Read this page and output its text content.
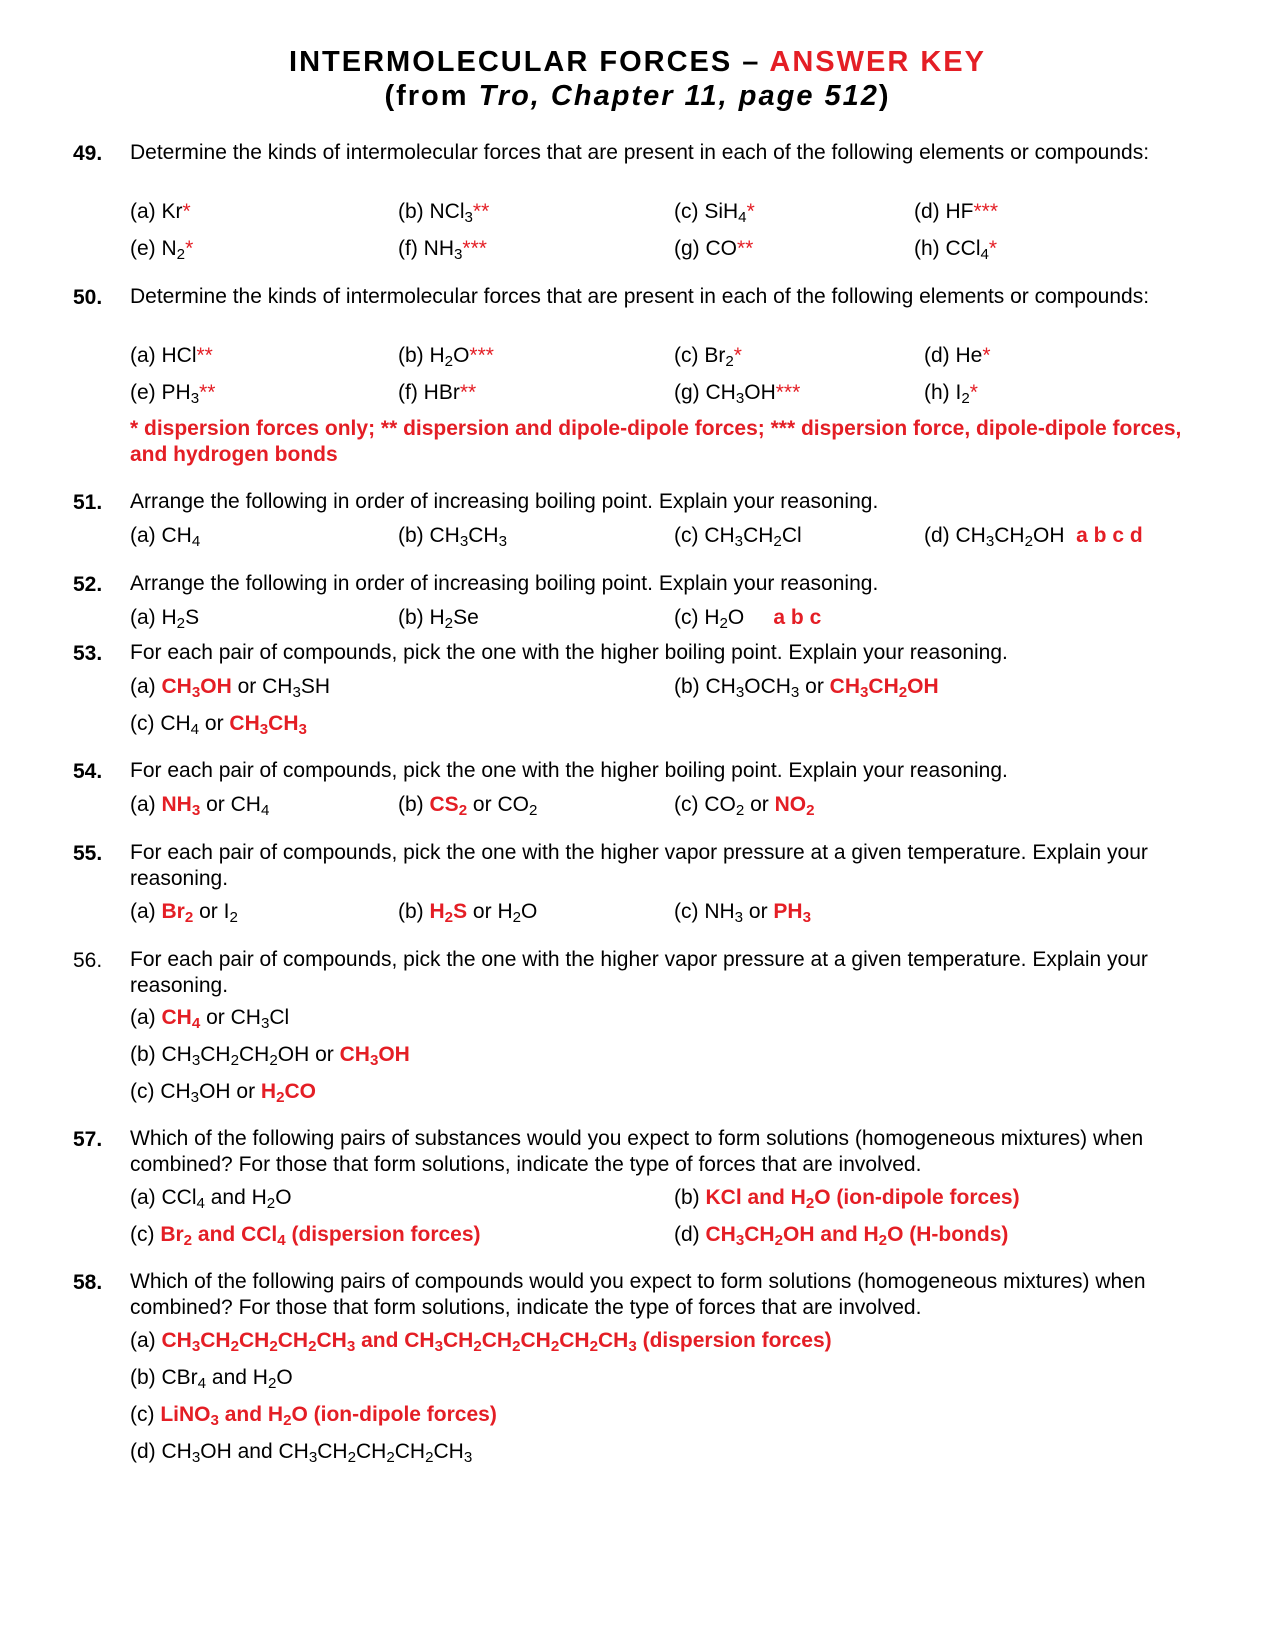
INTERMOLECULAR FORCES – ANSWER KEY
(from Tro, Chapter 11, page 512)
49. Determine the kinds of intermolecular forces that are present in each of the following elements or compounds:
(a) Kr*	(b) NCl$_3$**	(c) SiH$_4$*	(d) HF***
(e) $N_2*$	(f) $NH_3***$	(g) CO**	(h) CCl$_4$*
50. Determine the kinds of intermolecular forces that are present in each of the following elements or compounds:
(a) HCl**	(b) $H_2O***$	(c) $Br_2*$	(d) He*
(e) $PH_3**$	(f) HBr**	(g) $CH_3OH***$	(h) $I_2*$
* dispersion forces only; ** dispersion and dipole-dipole forces; *** dispersion force, dipole-dipole forces, and hydrogen bonds
51. Arrange the following in order of increasing boiling point. Explain your reasoning.
(a) $CH_4$	(b) $CH_3CH_3$	(c) $CH_3CH_2Cl$	(d) $CH_3CH_2OH$  a b c d
52. Arrange the following in order of increasing boiling point. Explain your reasoning.
(a) $H_2S$	(b) $H_2Se$	(c) $H_2O$     a b c
53. For each pair of compounds, pick the one with the higher boiling point. Explain your reasoning.
(a) $CH_3OH$ or $CH_3SH$	(b) $CH_3OCH_3$ or $CH_3CH_2OH$
(c) $CH_4$ or $CH_3CH_3$
54. For each pair of compounds, pick the one with the higher boiling point. Explain your reasoning.
(a) $NH_3$ or $CH_4$	(b) $CS_2$ or $CO_2$	(c) $CO_2$ or $NO_2$
55. For each pair of compounds, pick the one with the higher vapor pressure at a given temperature. Explain your reasoning.
(a) $Br_2$ or $I_2$	(b) $H_2S$ or $H_2O$	(c) $NH_3$ or $PH_3$
56. For each pair of compounds, pick the one with the higher vapor pressure at a given temperature. Explain your reasoning.
(a) $CH_4$ or $CH_3Cl$
(b) $CH_3CH_2CH_2OH$ or $CH_3OH$
(c) $CH_3OH$ or $H_2CO$
57. Which of the following pairs of substances would you expect to form solutions (homogeneous mixtures) when combined? For those that form solutions, indicate the type of forces that are involved.
(a) CCl$_4$ and $H_2O$	(b) KCl and $H_2O$ (ion-dipole forces)
(c) $Br_2$ and CCl$_4$ (dispersion forces)	(d) $CH_3CH_2OH$ and $H_2O$ (H-bonds)
58. Which of the following pairs of compounds would you expect to form solutions (homogeneous mixtures) when combined? For those that form solutions, indicate the type of forces that are involved.
(a) $CH_3CH_2CH_2CH_2CH_3$ and $CH_3CH_2CH_2CH_2CH_2CH_3$ (dispersion forces)
(b) CBr$_4$ and $H_2O$
(c) LiNO$_3$ and $H_2O$ (ion-dipole forces)
(d) $CH_3OH$ and $CH_3CH_2CH_2CH_2CH_3$
